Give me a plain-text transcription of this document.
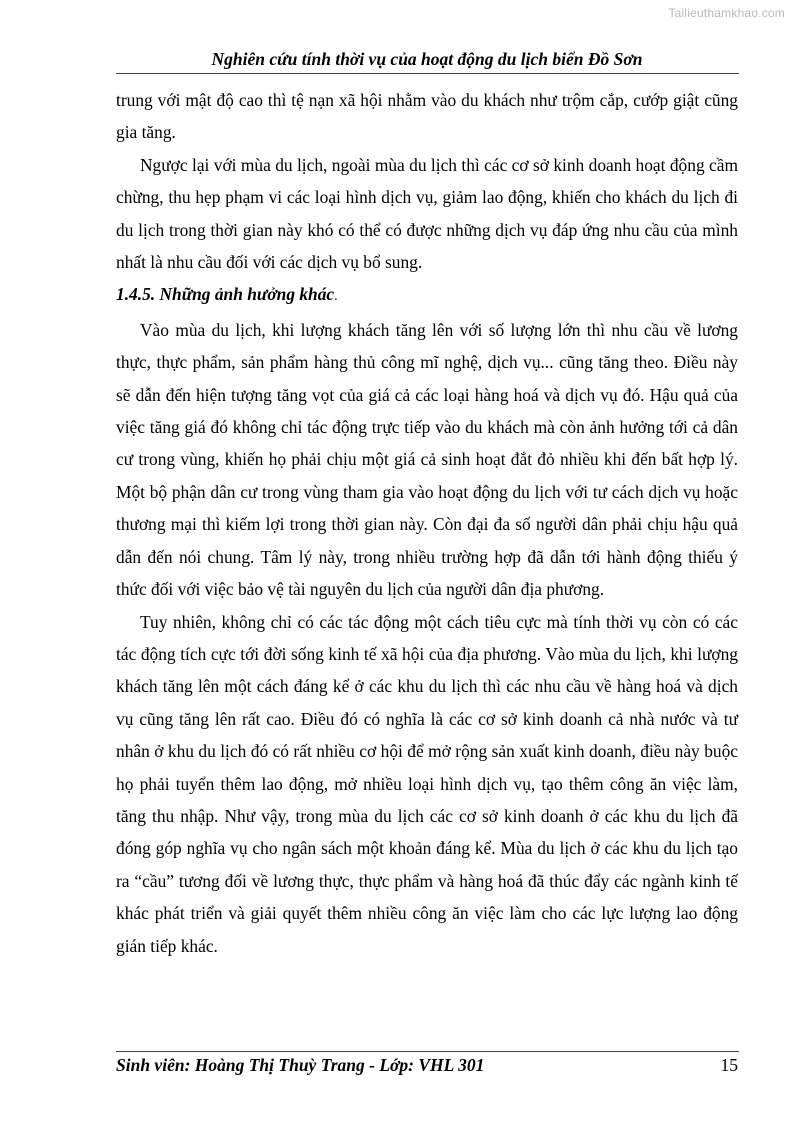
Tailieuthamkhao.com
Nghiên cứu tính thời vụ của hoạt động du lịch biển Đồ Sơn

trung với mật độ cao thì tệ nạn xã hội nhằm vào du khách như trộm cắp, cướp giật cũng gia tăng.

Ngược lại với mùa du lịch, ngoài mùa du lịch thì các cơ sở kinh doanh hoạt động cầm chừng, thu hẹp phạm vi các loại hình dịch vụ, giảm lao động, khiến cho khách du lịch đi du lịch trong thời gian này khó có thể có được những dịch vụ đáp ứng nhu cầu của mình nhất là nhu cầu đối với các dịch vụ bổ sung.

1.4.5. Những ảnh hưởng khác.

Vào mùa du lịch, khi lượng khách tăng lên với số lượng lớn thì nhu cầu về lương thực, thực phẩm, sản phẩm hàng thủ công mĩ nghệ, dịch vụ... cũng tăng theo. Điều này sẽ dẫn đến hiện tượng tăng vọt của giá cả các loại hàng hoá và dịch vụ đó. Hậu quả của việc tăng giá đó không chỉ tác động trực tiếp vào du khách mà còn ảnh hưởng tới cả dân cư trong vùng, khiến họ phải chịu một giá cả sinh hoạt đắt đỏ nhiều khi đến bất hợp lý. Một bộ phận dân cư trong vùng tham gia vào hoạt động du lịch với tư cách dịch vụ hoặc thương mại thì kiếm lợi trong thời gian này. Còn đại đa số người dân phải chịu hậu quả dẫn đến nói chung. Tâm lý này, trong nhiều trường hợp đã dẫn tới hành động thiếu ý thức đối với việc bảo vệ tài nguyên du lịch của người dân địa phương.

Tuy nhiên, không chỉ có các tác động một cách tiêu cực mà tính thời vụ còn có các tác động tích cực tới đời sống kinh tế xã hội của địa phương. Vào mùa du lịch, khi lượng khách tăng lên một cách đáng kể ở các khu du lịch thì các nhu cầu về hàng hoá và dịch vụ cũng tăng lên rất cao. Điều đó có nghĩa là các cơ sở kinh doanh cả nhà nước và tư nhân ở khu du lịch đó có rất nhiều cơ hội để mở rộng sản xuất kinh doanh, điều này buộc họ phải tuyển thêm lao động, mở nhiều loại hình dịch vụ, tạo thêm công ăn việc làm, tăng thu nhập. Như vậy, trong mùa du lịch các cơ sở kinh doanh ở các khu du lịch đã đóng góp nghĩa vụ cho ngân sách một khoản đáng kể. Mùa du lịch ở các khu du lịch tạo ra “cầu” tương đối về lương thực, thực phẩm và hàng hoá đã thúc đẩy các ngành kinh tế khác phát triển và giải quyết thêm nhiều công ăn việc làm cho các lực lượng lao động gián tiếp khác.

Sinh viên: Hoàng Thị Thuỳ Trang - Lớp: VHL 301	15
